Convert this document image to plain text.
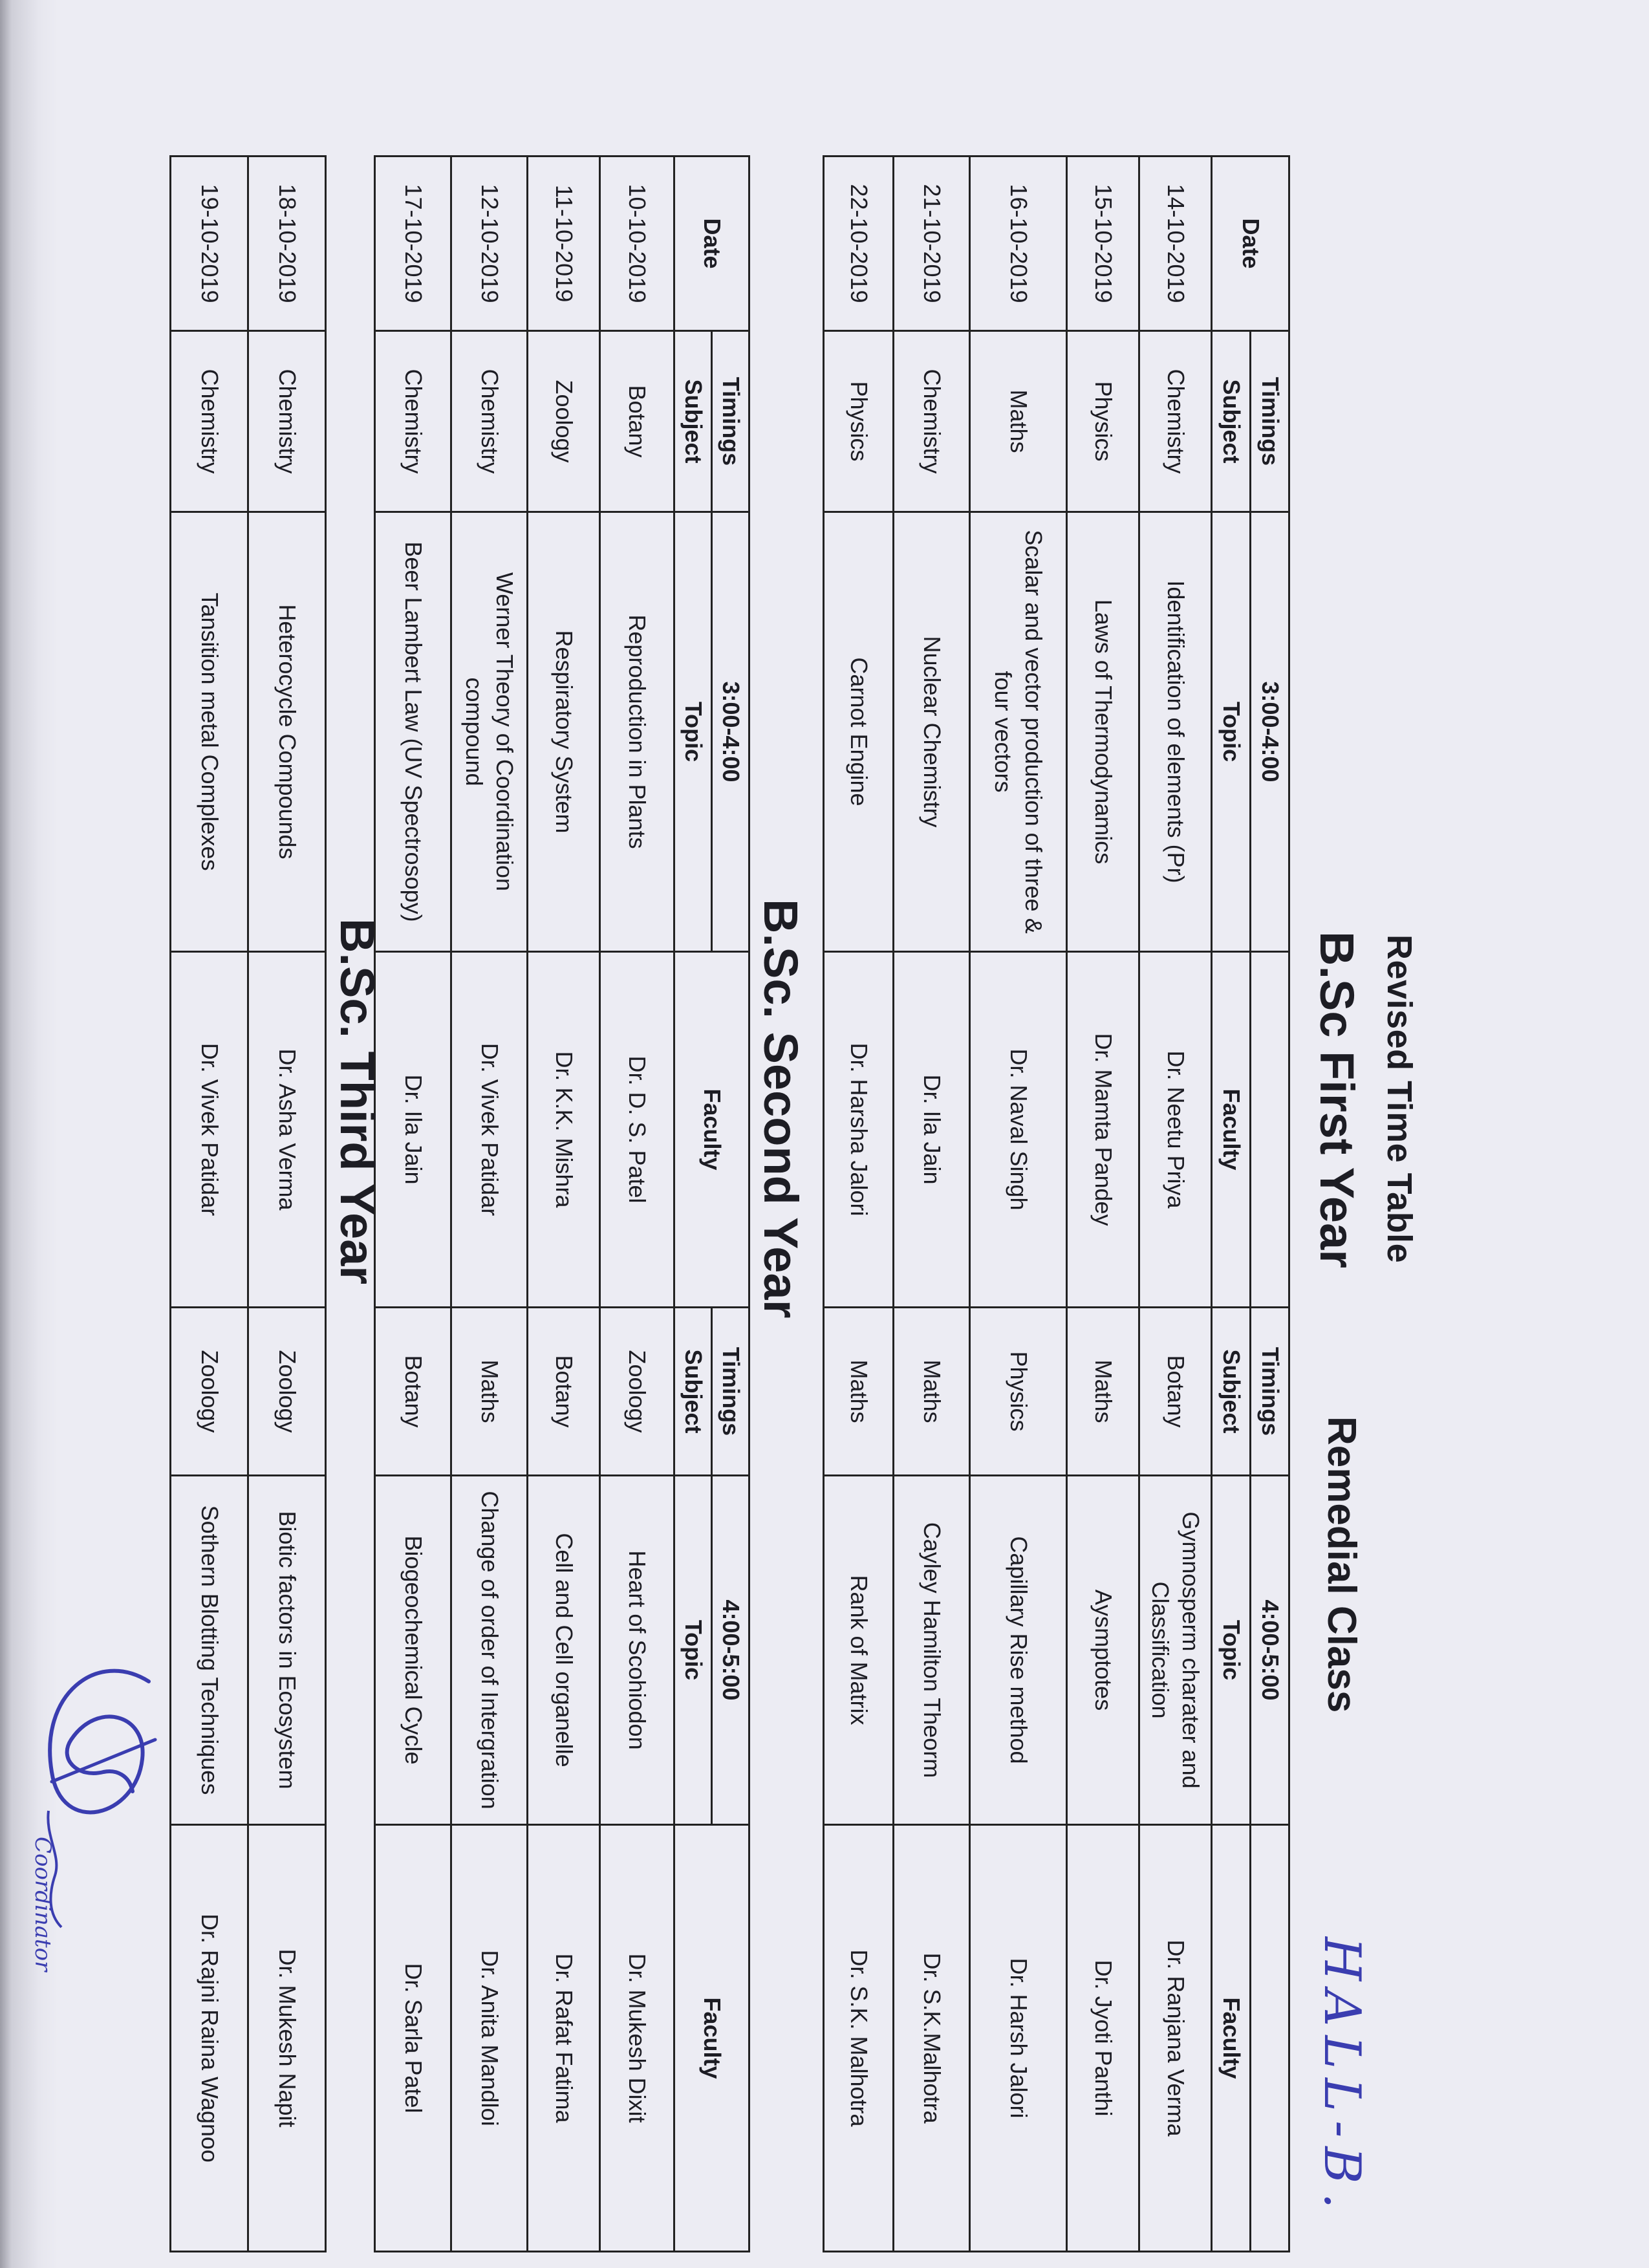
Revised Time Table
B.Sc First Year
Remedial Class
HALL-B.
Date	Timings	3:00-4:00		Timings	4:00-5:00	
	Subject	Topic	Faculty	Subject	Topic	Faculty
14-10-2019	Chemistry	Identification of elements (Pr)	Dr. Neetu Priya	Botany	Gymnosperm charater and Classification	Dr. Ranjana Verma
15-10-2019	Physics	Laws of Thermodynamics	Dr. Mamta Pandey	Maths	Aysmptotes	Dr. Jyoti Panthi
16-10-2019	Maths	Scalar and vector production of three & four vectors	Dr. Naval Singh	Physics	Capillary Rise method	Dr. Harsh Jalori
21-10-2019	Chemistry	Nuclear Chemistry	Dr. Ila Jain	Maths	Cayley Hamilton Theorm	Dr. S.K.Malhotra
22-10-2019	Physics	Carnot Engine	Dr. Harsha Jalori	Maths	Rank of Matrix	Dr. S.K. Malhotra
B.Sc. Second Year
Date	Timings	3:00-4:00	Faculty	Timings	4:00-5:00	Faculty
	Subject	Topic		Subject	Topic	
10-10-2019	Botany	Reproduction in Plants	Dr. D. S. Patel	Zoology	Heart of Scohiodon	Dr. Mukesh Dixit
11-10-2019	Zoology	Respiratory System	Dr. K.K. Mishra	Botany	Cell and Cell organelle	Dr. Rafat Fatima
12-10-2019	Chemistry	Werner Theory of Coordination compound	Dr. Vivek Patidar	Maths	Change of order of Intergration	Dr. Anita Mandloi
17-10-2019	Chemistry	Beer Lambert Law (UV Spectrosopy)	Dr. Ila Jain	Botany	Biogeochemical Cycle	Dr. Sarla Patel
B.Sc. Third Year
18-10-2019	Chemistry	Heterocycle Compounds	Dr. Asha Verma	Zoology	Biotic factors in Ecosystem	Dr. Mukesh Napit
19-10-2019	Chemistry	Tansition metal Complexes	Dr. Vivek Patidar	Zoology	Sothern Blotting Techniques	Dr. Rajni Raina Wagnoo
Coordinator
